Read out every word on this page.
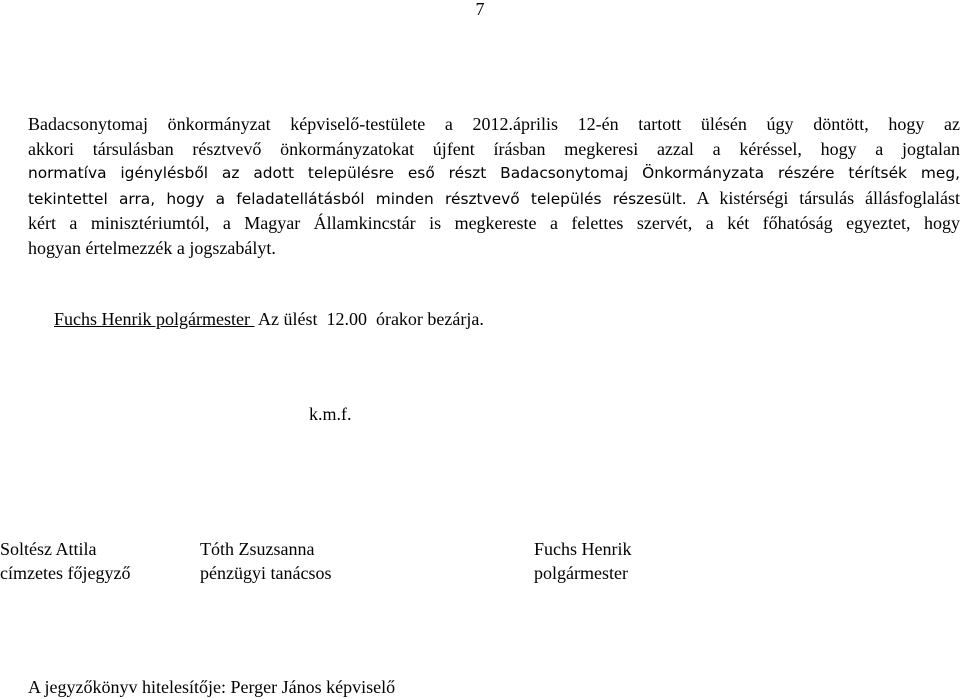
7
Badacsonytomaj önkormányzat képviselő-testülete a 2012.április 12-én tartott ülésén úgy döntött, hogy az
akkori társulásban résztvevő önkormányzatokat újfent írásban megkeresi azzal a kéréssel, hogy a jogtalan
normatíva igénylésből az adott településre eső részt Badacsonytomaj Önkormányzata részére térítsék meg,
tekintettel arra, hogy a feladatellátásból minden résztvevő település részesült. A kistérségi társulás állásfoglalást
kért a minisztériumtól, a Magyar Államkincstár is megkereste a felettes szervét, a két főhatóság egyeztet, hogy
hogyan értelmezzék a jogszabályt.
Fuchs Henrik polgármester  Az ülést  12.00  órakor bezárja.
k.m.f.
Soltész Attila
címzetes főjegyző
Tóth Zsuzsanna
pénzügyi tanácsos
Fuchs Henrik
polgármester
A jegyzőkönyv hitelesítője: Perger János képviselő
